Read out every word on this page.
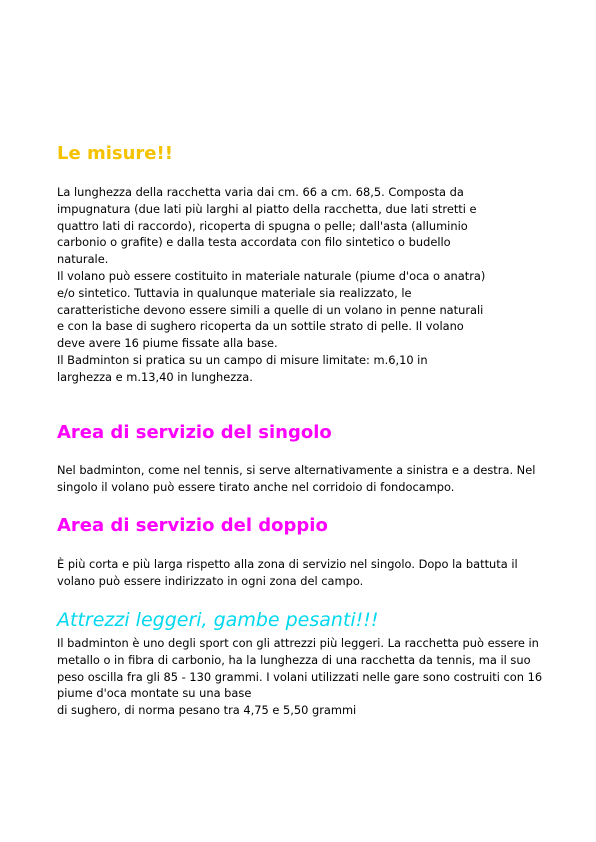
Le misure!!
La lunghezza della racchetta varia dai cm. 66 a cm. 68,5. Composta da
impugnatura (due lati più larghi al piatto della racchetta, due lati stretti e
quattro lati di raccordo), ricoperta di spugna o pelle; dall'asta (alluminio
carbonio o grafite) e dalla testa accordata con filo sintetico o budello
naturale.
Il volano può essere costituito in materiale naturale (piume d'oca o anatra)
e/o sintetico. Tuttavia in qualunque materiale sia realizzato, le
caratteristiche devono essere simili a quelle di un volano in penne naturali
e con la base di sughero ricoperta da un sottile strato di pelle. Il volano
deve avere 16 piume fissate alla base.
Il Badminton si pratica su un campo di misure limitate: m.6,10 in
larghezza e m.13,40 in lunghezza.
Area di servizio del singolo
Nel badminton, come nel tennis, si serve alternativamente a sinistra e a destra. Nel
singolo il volano può essere tirato anche nel corridoio di fondocampo.
Area di servizio del doppio
È più corta e più larga rispetto alla zona di servizio nel singolo. Dopo la battuta il
volano può essere indirizzato in ogni zona del campo.
Attrezzi leggeri, gambe pesanti!!!
Il badminton è uno degli sport con gli attrezzi più leggeri. La racchetta può essere in
metallo o in fibra di carbonio, ha la lunghezza di una racchetta da tennis, ma il suo
peso oscilla fra gli 85 - 130 grammi. I volani utilizzati nelle gare sono costruiti con 16
piume d'oca montate su una base
di sughero, di norma pesano tra 4,75 e 5,50 grammi
